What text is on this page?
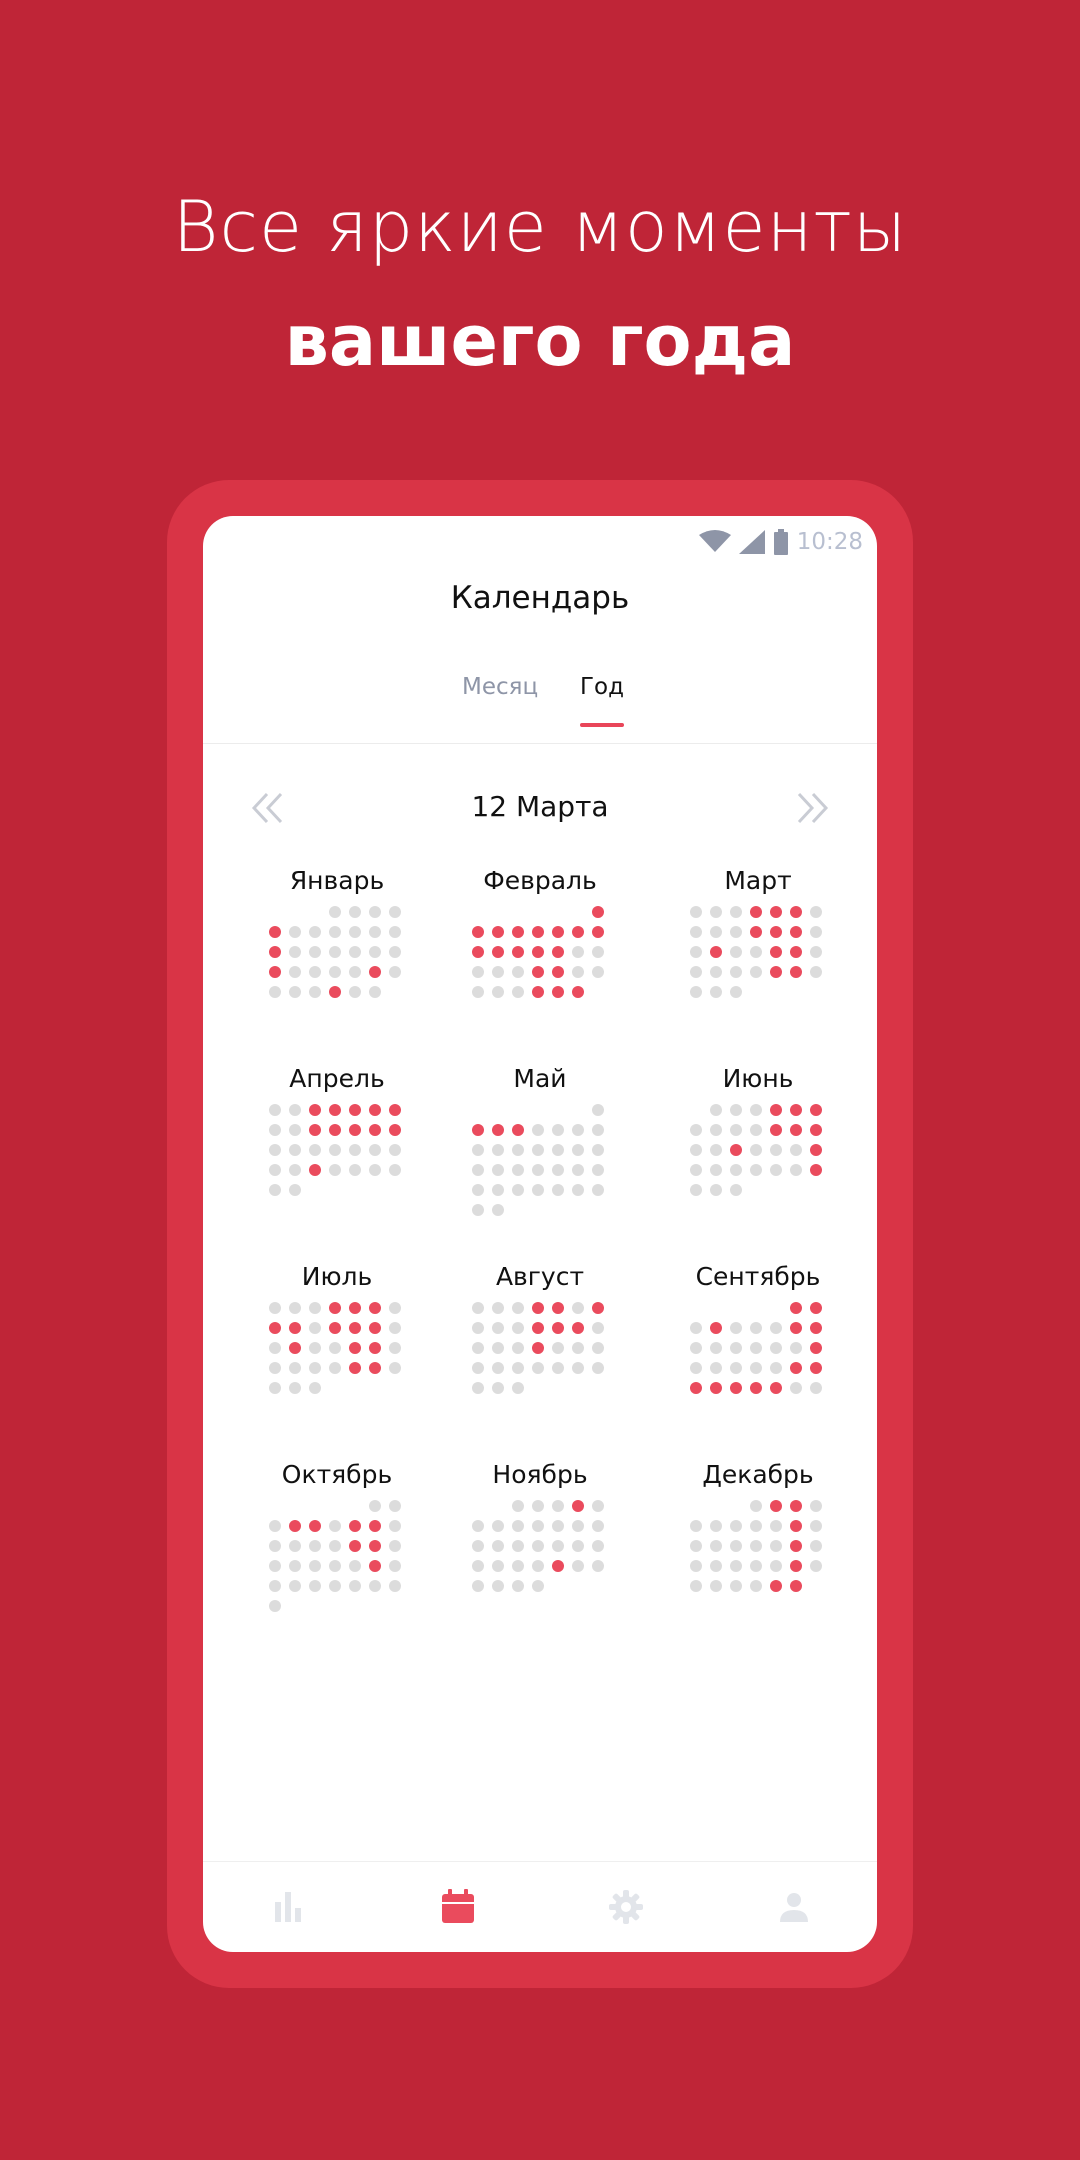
Все яркие моменты
вашего года
10:28
Календарь
Месяц Год
12 Марта
Январь	Февраль	Март
Апрель	Май	Июнь
Июль	Август	Сентябрь
Октябрь	Ноябрь	Декабрь
